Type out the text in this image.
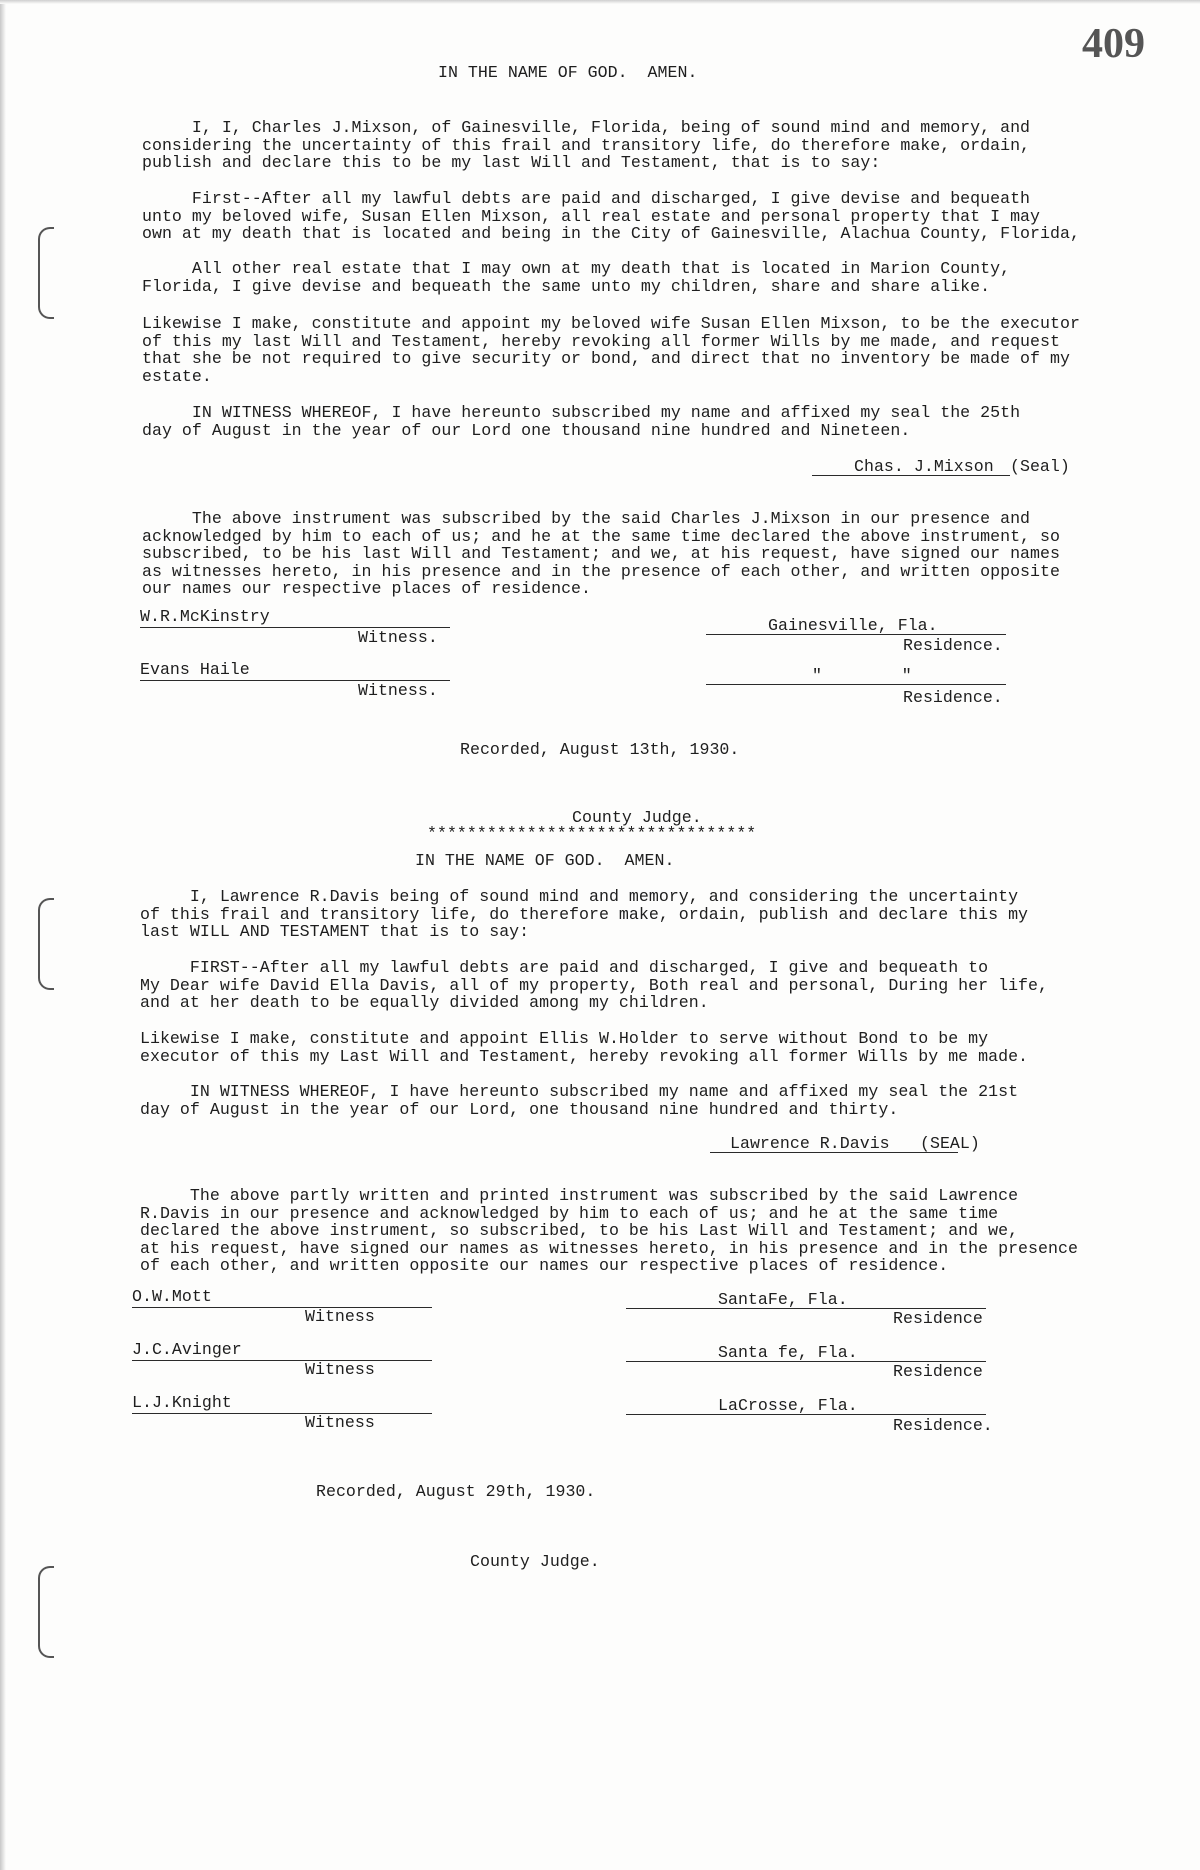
409
IN THE NAME OF GOD.  AMEN.
I, I, Charles J.Mixson, of Gainesville, Florida, being of sound mind and memory, and
considering the uncertainty of this frail and transitory life, do therefore make, ordain,
publish and declare this to be my last Will and Testament, that is to say:
First--After all my lawful debts are paid and discharged, I give devise and bequeath
unto my beloved wife, Susan Ellen Mixson, all real estate and personal property that I may
own at my death that is located and being in the City of Gainesville, Alachua County, Florida,
All other real estate that I may own at my death that is located in Marion County,
Florida, I give devise and bequeath the same unto my children, share and share alike.
Likewise I make, constitute and appoint my beloved wife Susan Ellen Mixson, to be the executor
of this my last Will and Testament, hereby revoking all former Wills by me made, and request
that she be not required to give security or bond, and direct that no inventory be made of my
estate.
IN WITNESS WHEREOF, I have hereunto subscribed my name and affixed my seal the 25th
day of August in the year of our Lord one thousand nine hundred and Nineteen.
Chas. J.Mixson (Seal)
The above instrument was subscribed by the said Charles J.Mixson in our presence and
acknowledged by him to each of us; and he at the same time declared the above instrument, so
subscribed, to be his last Will and Testament; and we, at his request, have signed our names
as witnesses hereto, in his presence and in the presence of each other, and written opposite
our names our respective places of residence.
W.R.McKinstry
Witness.
Gainesville, Fla.
Residence.
Evans Haile
Witness.
"        "
Residence.
Recorded, August 13th, 1930.
County Judge.
*********************************
IN THE NAME OF GOD.  AMEN.
I, Lawrence R.Davis being of sound mind and memory, and considering the uncertainty
of this frail and transitory life, do therefore make, ordain, publish and declare this my
last WILL AND TESTAMENT that is to say:
FIRST--After all my lawful debts are paid and discharged, I give and bequeath to
My Dear wife David Ella Davis, all of my property, Both real and personal, During her life,
and at her death to be equally divided among my children.
Likewise I make, constitute and appoint Ellis W.Holder to serve without Bond to be my
executor of this my Last Will and Testament, hereby revoking all former Wills by me made.
IN WITNESS WHEREOF, I have hereunto subscribed my name and affixed my seal the 21st
day of August in the year of our Lord, one thousand nine hundred and thirty.
Lawrence R.Davis (SEAL)
The above partly written and printed instrument was subscribed by the said Lawrence
R.Davis in our presence and acknowledged by him to each of us; and he at the same time
declared the above instrument, so subscribed, to be his Last Will and Testament; and we,
at his request, have signed our names as witnesses hereto, in his presence and in the presence
of each other, and written opposite our names our respective places of residence.
O.W.Mott
Witness
SantaFe, Fla.
Residence
J.C.Avinger
Witness
Santa fe, Fla.
Residence
L.J.Knight
Witness
LaCrosse, Fla.
Residence.
Recorded, August 29th, 1930.
County Judge.
